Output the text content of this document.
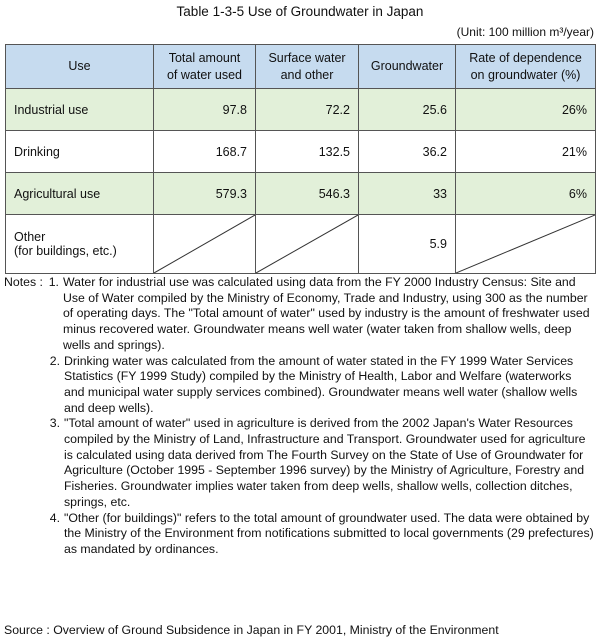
Table 1-3-5 Use of Groundwater in Japan
(Unit: 100 million m³/year)
Use	Total amount of water used	Surface water and other	Groundwater	Rate of dependence on groundwater (%)
Industrial use	97.8	72.2	25.6	26%
Drinking	168.7	132.5	36.2	21%
Agricultural use	579.3	546.3	33	6%

Other
(for buildings, etc.)			5.9	
Notes : 1. Water for industrial use was calculated using data from the FY 2000 Industry Census: Site and Use of Water compiled by the Ministry of Economy, Trade and Industry, using 300 as the number of operating days. The "Total amount of water" used by industry is the amount of freshwater used minus recovered water. Groundwater means well water (water taken from shallow wells, deep wells and springs).
2. Drinking water was calculated from the amount of water stated in the FY 1999 Water Services Statistics (FY 1999 Study) compiled by the Ministry of Health, Labor and Welfare (waterworks and municipal water supply services combined). Groundwater means well water (shallow wells and deep wells).
3. "Total amount of water" used in agriculture is derived from the 2002 Japan's Water Resources compiled by the Ministry of Land, Infrastructure and Transport. Groundwater used for agriculture is calculated using data derived from The Fourth Survey on the State of Use of Groundwater for Agriculture (October 1995 - September 1996 survey) by the Ministry of Agriculture, Forestry and Fisheries. Groundwater implies water taken from deep wells, shallow wells, collection ditches, springs, etc.
4. "Other (for buildings)" refers to the total amount of groundwater used. The data were obtained by the Ministry of the Environment from notifications submitted to local governments (29 prefectures) as mandated by ordinances.
Source : Overview of Ground Subsidence in Japan in FY 2001, Ministry of the Environment
